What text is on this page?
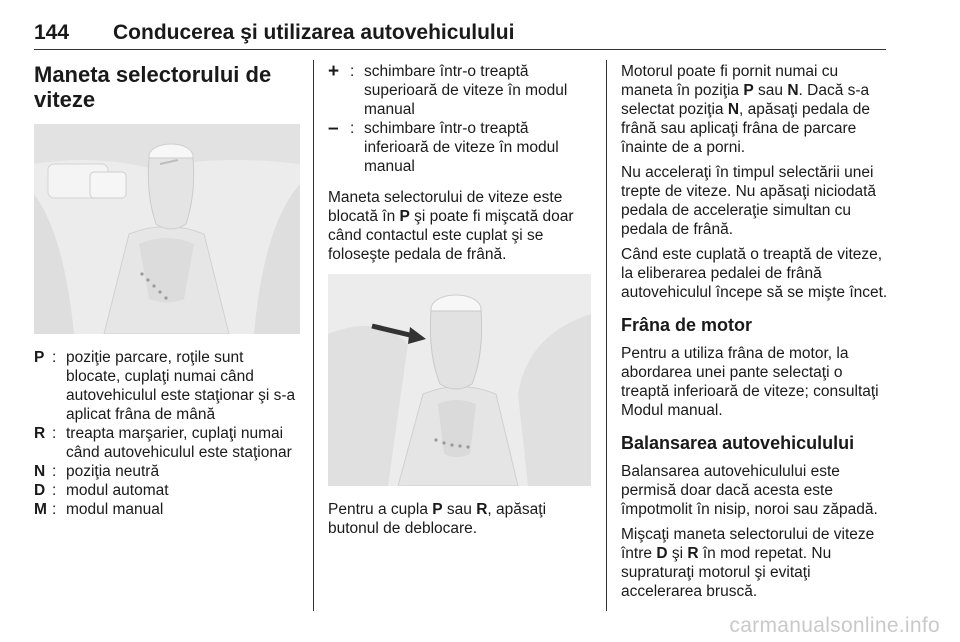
144 Conducerea şi utilizarea autovehiculului
Maneta selectorului de viteze
P : poziţie parcare, roţile sunt blocate, cuplaţi numai când autovehiculul este staţionar şi s-a aplicat frâna de mână
R : treapta marşarier, cuplaţi numai când autovehiculul este staţionar
N : poziţia neutră
D : modul automat
M : modul manual
+ : schimbare într-o treaptă superioară de viteze în modul manual
– : schimbare într-o treaptă inferioară de viteze în modul manual

Maneta selectorului de viteze este blocată în P şi poate fi mişcată doar când contactul este cuplat şi se foloseşte pedala de frână.

Pentru a cupla P sau R, apăsaţi butonul de deblocare.

Motorul poate fi pornit numai cu maneta în poziţia P sau N. Dacă s-a selectat poziţia N, apăsaţi pedala de frână sau aplicaţi frâna de parcare înainte de a porni.

Nu acceleraţi în timpul selectării unei trepte de viteze. Nu apăsaţi niciodată pedala de acceleraţie simultan cu pedala de frână.

Când este cuplată o treaptă de viteze, la eliberarea pedalei de frână autovehiculul începe să se mişte încet.

Frâna de motor

Pentru a utiliza frâna de motor, la abordarea unei pante selectaţi o treaptă inferioară de viteze; consultaţi Modul manual.

Balansarea autovehiculului

Balansarea autovehiculului este permisă doar dacă acesta este împotmolit în nisip, noroi sau zăpadă.

Mişcaţi maneta selectorului de viteze între D şi R în mod repetat. Nu supraturaţi motorul şi evitaţi accelerarea bruscă.

carmanualsonline.info
